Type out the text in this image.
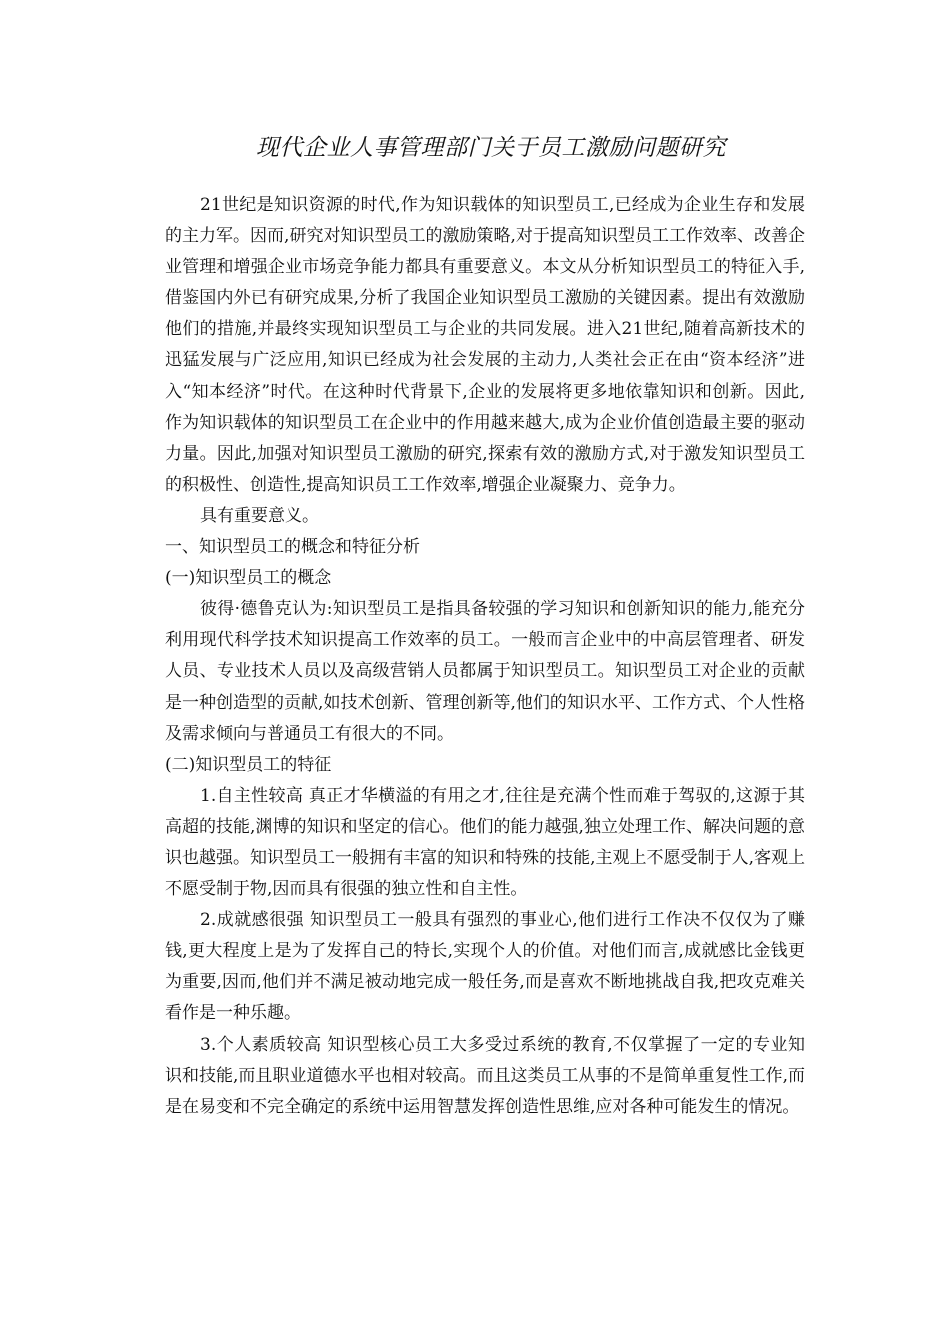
现代企业人事管理部门关于员工激励问题研究

21世纪是知识资源的时代,作为知识载体的知识型员工,已经成为企业生存和发展的主力军。因而,研究对知识型员工的激励策略,对于提高知识型员工工作效率、改善企业管理和增强企业市场竞争能力都具有重要意义。本文从分析知识型员工的特征入手,借鉴国内外已有研究成果,分析了我国企业知识型员工激励的关键因素。提出有效激励他们的措施,并最终实现知识型员工与企业的共同发展。进入21世纪,随着高新技术的迅猛发展与广泛应用,知识已经成为社会发展的主动力,人类社会正在由“资本经济”进入“知本经济”时代。在这种时代背景下,企业的发展将更多地依靠知识和创新。因此,作为知识载体的知识型员工在企业中的作用越来越大,成为企业价值创造最主要的驱动力量。因此,加强对知识型员工激励的研究,探索有效的激励方式,对于激发知识型员工的积极性、创造性,提高知识员工工作效率,增强企业凝聚力、竞争力。

具有重要意义。

一、知识型员工的概念和特征分析

(一)知识型员工的概念

彼得·德鲁克认为:知识型员工是指具备较强的学习知识和创新知识的能力,能充分利用现代科学技术知识提高工作效率的员工。一般而言企业中的中高层管理者、研发人员、专业技术人员以及高级营销人员都属于知识型员工。知识型员工对企业的贡献是一种创造型的贡献,如技术创新、管理创新等,他们的知识水平、工作方式、个人性格及需求倾向与普通员工有很大的不同。

(二)知识型员工的特征

1.自主性较高 真正才华横溢的有用之才,往往是充满个性而难于驾驭的,这源于其高超的技能,渊博的知识和坚定的信心。他们的能力越强,独立处理工作、解决问题的意识也越强。知识型员工一般拥有丰富的知识和特殊的技能,主观上不愿受制于人,客观上不愿受制于物,因而具有很强的独立性和自主性。

2.成就感很强 知识型员工一般具有强烈的事业心,他们进行工作决不仅仅为了赚钱,更大程度上是为了发挥自己的特长,实现个人的价值。对他们而言,成就感比金钱更为重要,因而,他们并不满足被动地完成一般任务,而是喜欢不断地挑战自我,把攻克难关看作是一种乐趣。

3.个人素质较高 知识型核心员工大多受过系统的教育,不仅掌握了一定的专业知识和技能,而且职业道德水平也相对较高。而且这类员工从事的不是简单重复性工作,而是在易变和不完全确定的系统中运用智慧发挥创造性思维,应对各种可能发生的情况。
